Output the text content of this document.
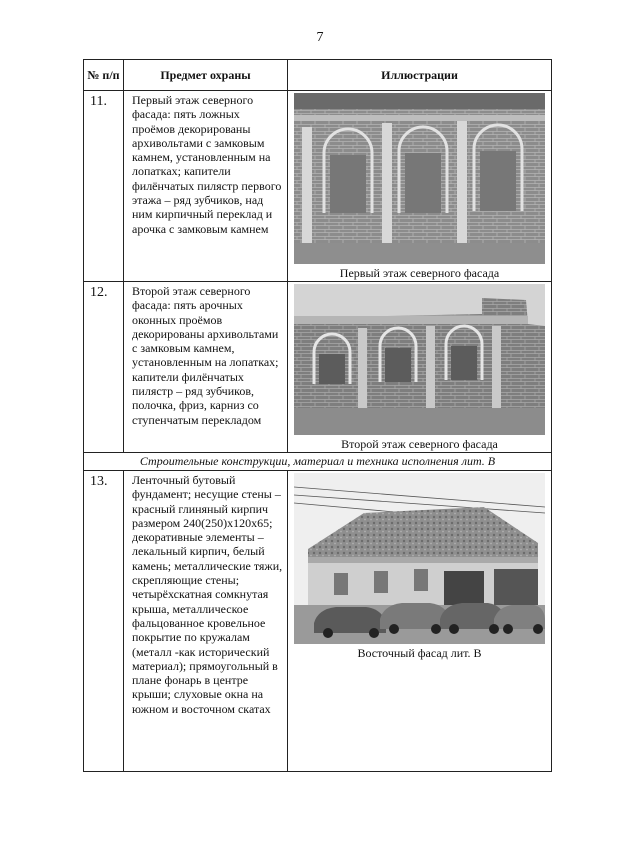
7
№ п/п	Предмет охраны	Иллюстрации
11.	Первый этаж северного фасада: пять ложных проёмов декорированы архивольтами с замковым камнем, установленным на лопатках; капители филёнчатых пилястр первого этажа – ряд зубчиков, над ним кирпичный переклад и арочка с замковым камнем	Первый этаж северного фасада

12.	Второй этаж северного фасада: пять арочных оконных проёмов декорированы архивольтами с замковым камнем, установленным на лопатках; капители филёнчатых пилястр – ряд зубчиков, полочка, фриз, карниз со ступенчатым перекладом	Второй этаж северного фасада

Строительные конструкции, материал и техника исполнения лит. В		
13.	Ленточный бутовый фундамент; несущие стены – красный глиняный кирпич размером 240(250)х120х65; декоративные элементы – лекальный кирпич, белый камень; металлические тяжи, скрепляющие стены; четырёхскатная сомкнутая крыша, металлическое фальцованное кровельное покрытие по кружалам (металл -как исторический материал); прямоугольный в плане фонарь в центре крыши; слуховые окна на южном и восточном скатах	Восточный фасад лит. В
